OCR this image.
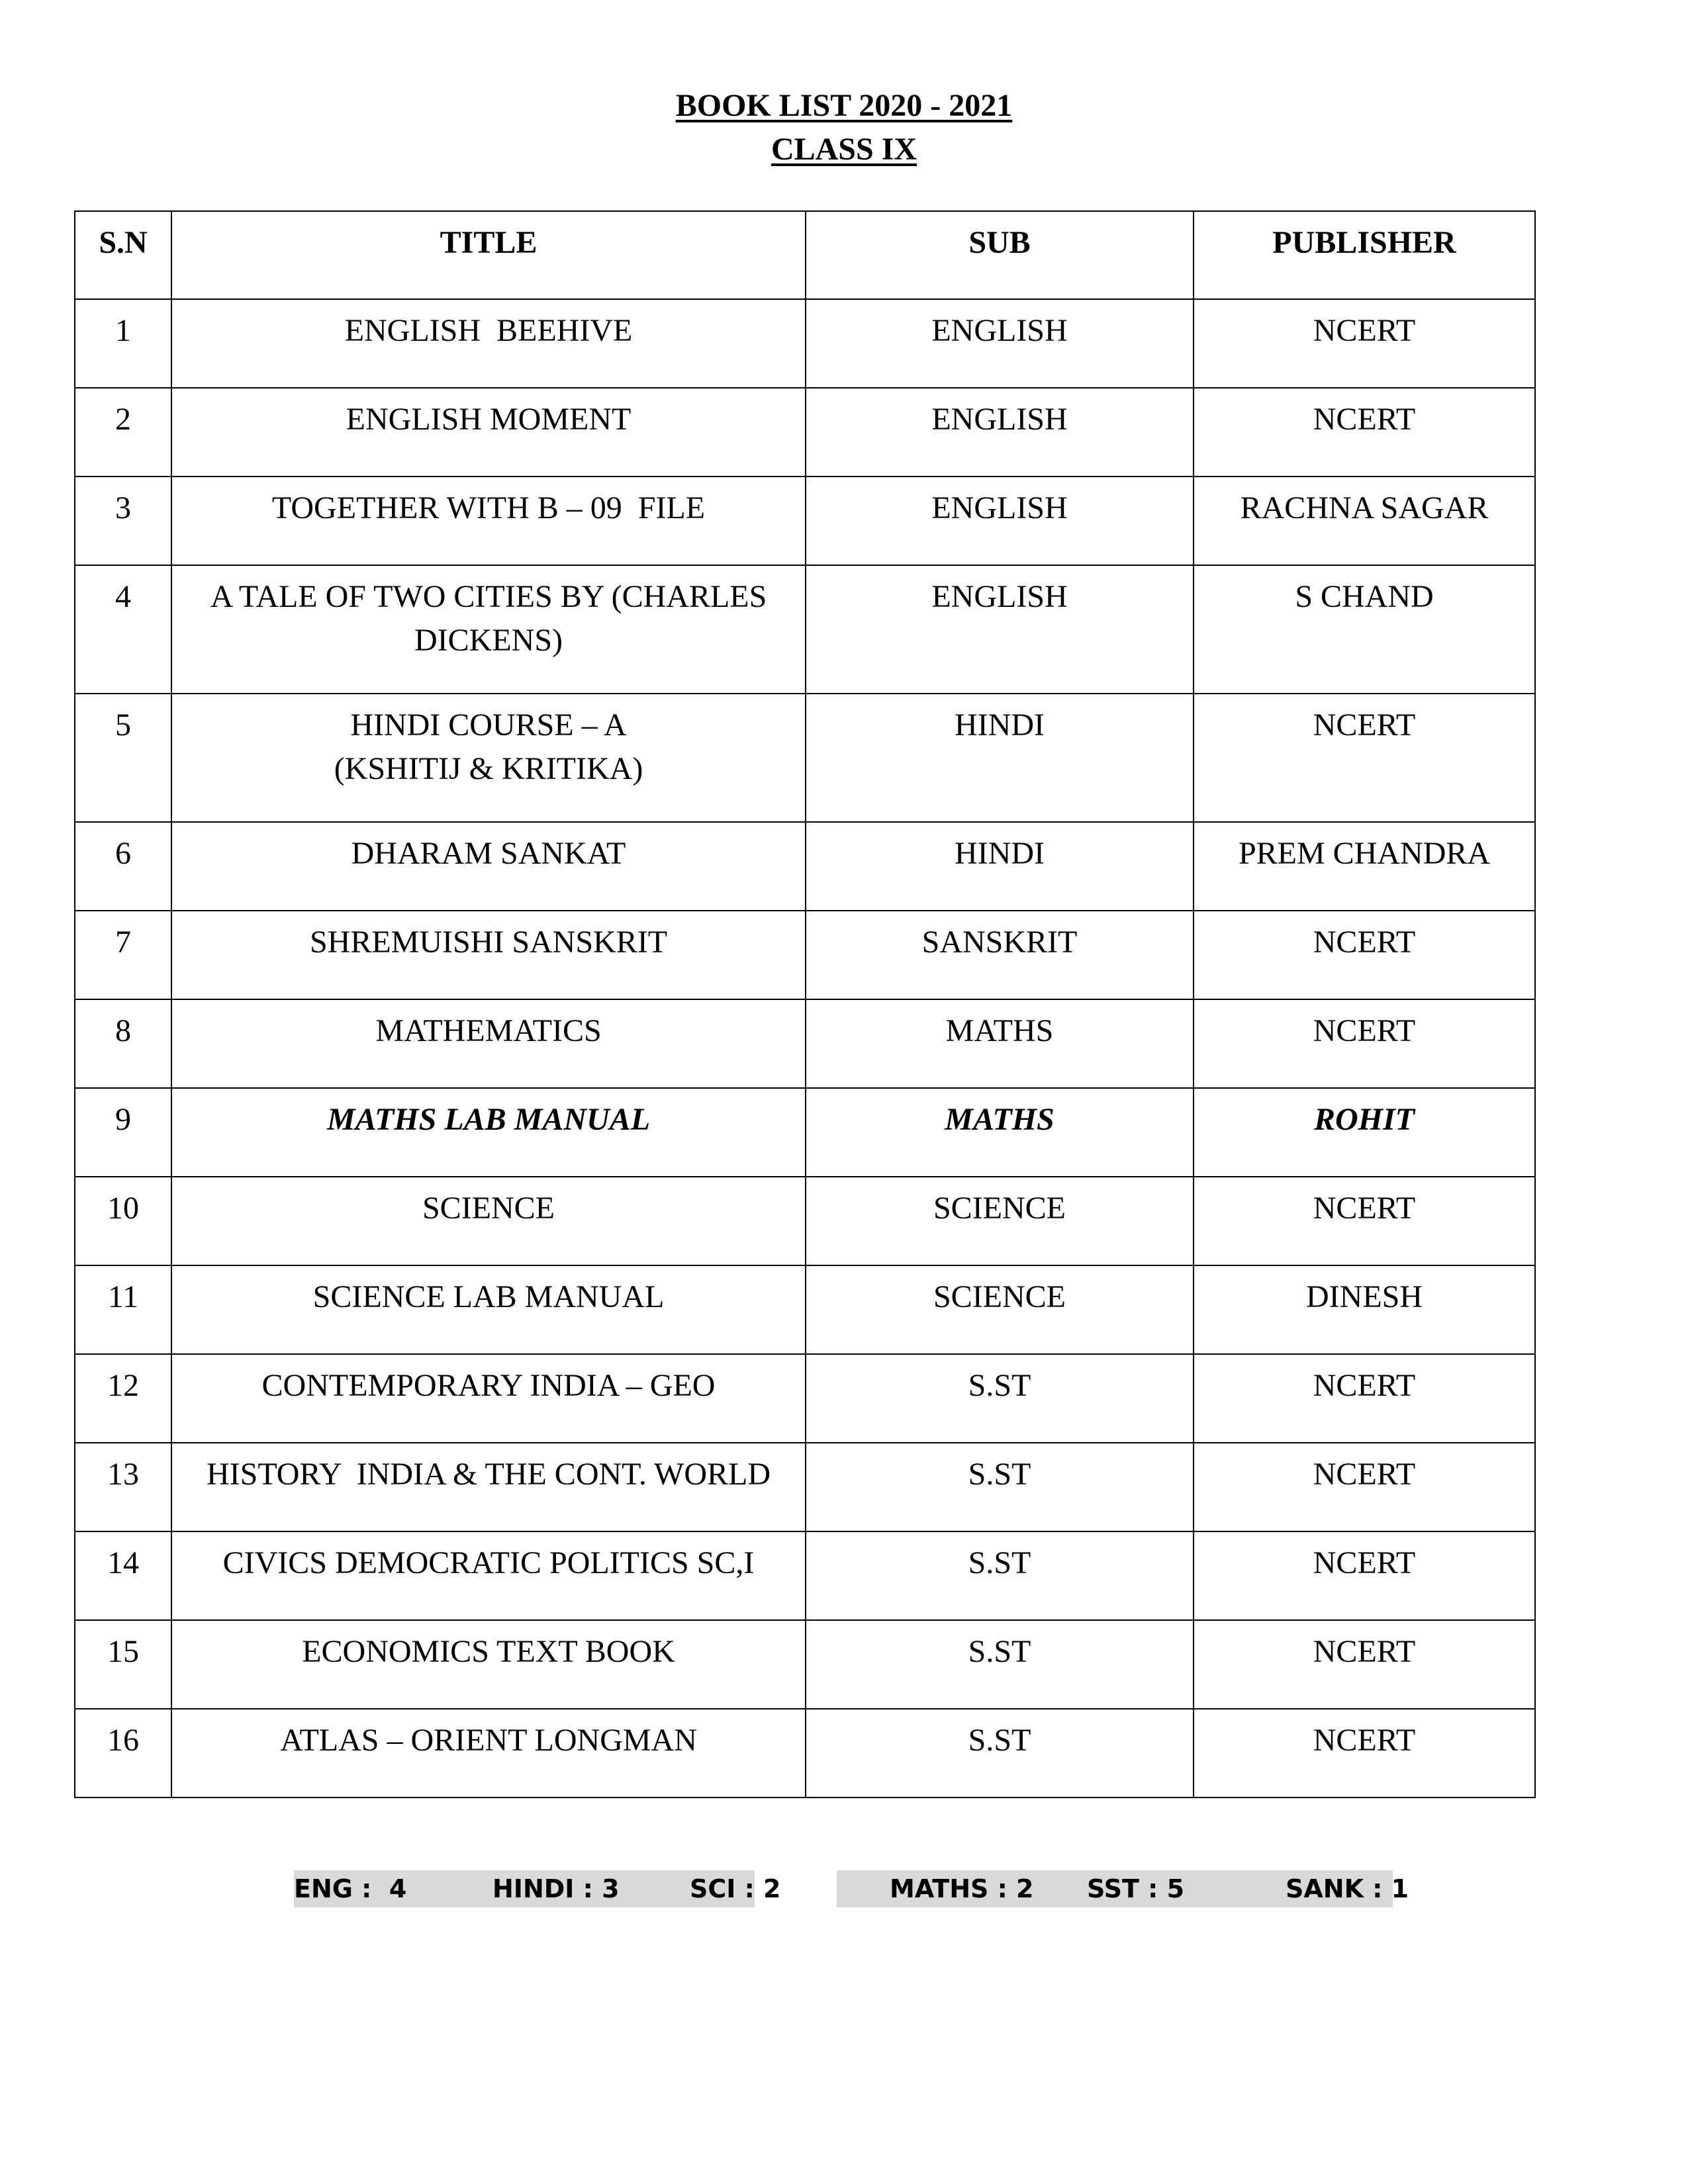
BOOK LIST 2020 - 2021
CLASS IX
S.N	TITLE	SUB	PUBLISHER
1	ENGLISH  BEEHIVE	ENGLISH	NCERT
2	ENGLISH MOMENT	ENGLISH	NCERT
3	TOGETHER WITH B – 09  FILE	ENGLISH	RACHNA SAGAR
4	A TALE OF TWO CITIES BY (CHARLES
DICKENS)	ENGLISH	S CHAND
5	HINDI COURSE – A
(KSHITIJ & KRITIKA)	HINDI	NCERT
6	DHARAM SANKAT	HINDI	PREM CHANDRA
7	SHREMUISHI SANSKRIT	SANSKRIT	NCERT
8	MATHEMATICS	MATHS	NCERT
9	MATHS LAB MANUAL	MATHS	ROHIT
10	SCIENCE	SCIENCE	NCERT
11	SCIENCE LAB MANUAL	SCIENCE	DINESH
12	CONTEMPORARY INDIA – GEO	S.ST	NCERT
13	HISTORY  INDIA & THE CONT. WORLD	S.ST	NCERT
14	CIVICS DEMOCRATIC POLITICS SC,I	S.ST	NCERT
15	ECONOMICS TEXT BOOK	S.ST	NCERT
16	ATLAS – ORIENT LONGMAN	S.ST	NCERT

ENG :  4

	HINDI : 3

	SCI : 2

	MATHS : 2

SST : 5

	SANK : 1
